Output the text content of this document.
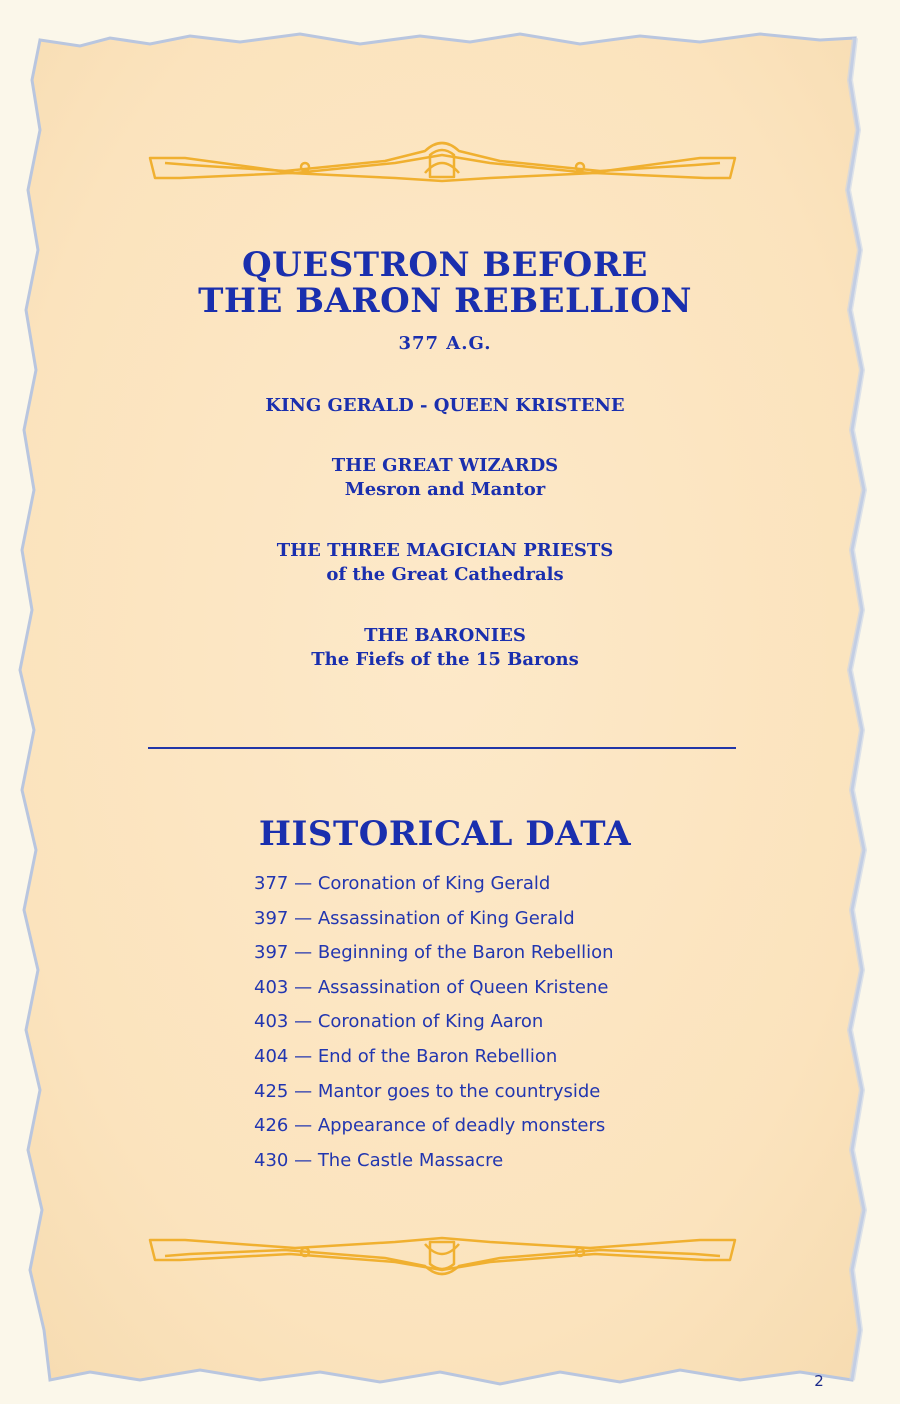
QUESTRON BEFORE
THE BARON REBELLION
377 A.G.
KING GERALD - QUEEN KRISTENE
THE GREAT WIZARDS
Mesron and Mantor
THE THREE MAGICIAN PRIESTS
of the Great Cathedrals
THE BARONIES
The Fiefs of the 15 Barons
HISTORICAL DATA
377 — Coronation of King Gerald
397 — Assassination of King Gerald
397 — Beginning of the Baron Rebellion
403 — Assassination of Queen Kristene
403 — Coronation of King Aaron
404 — End of the Baron Rebellion
425 — Mantor goes to the countryside
426 — Appearance of deadly monsters
430 — The Castle Massacre
2
